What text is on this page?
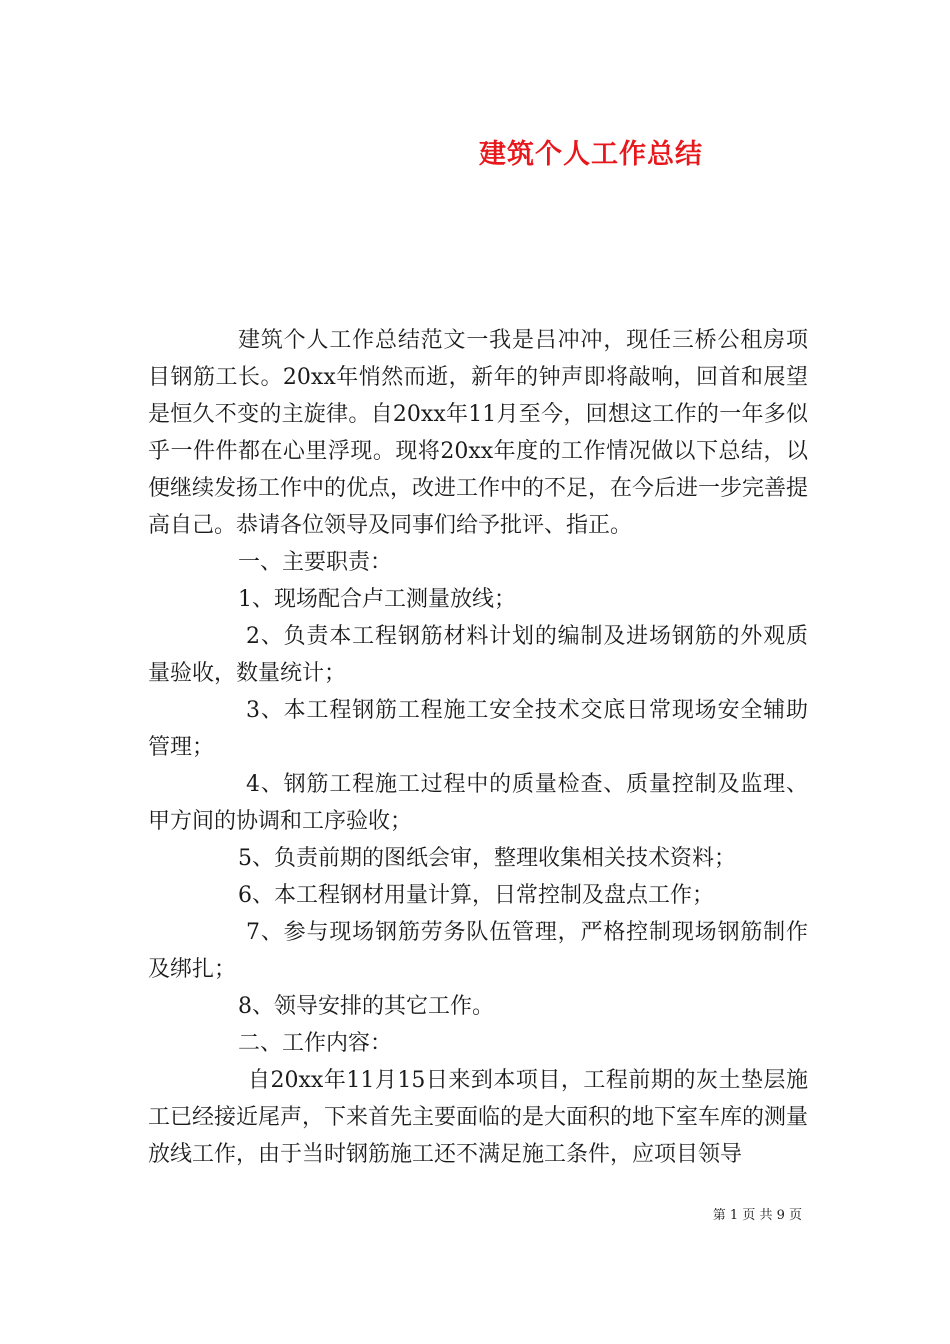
建筑个人工作总结

建筑个人工作总结范文一我是吕冲冲，现任三桥公租房项目钢筋工长。20xx年悄然而逝，新年的钟声即将敲响，回首和展望是恒久不变的主旋律。自20xx年11月至今，回想这工作的一年多似乎一件件都在心里浮现。现将20xx年度的工作情况做以下总结，以便继续发扬工作中的优点，改进工作中的不足，在今后进一步完善提高自己。恭请各位领导及同事们给予批评、指正。

一、主要职责：

1、现场配合卢工测量放线；

2、负责本工程钢筋材料计划的编制及进场钢筋的外观质量验收，数量统计；

3、本工程钢筋工程施工安全技术交底日常现场安全辅助管理；

4、钢筋工程施工过程中的质量检查、质量控制及监理、甲方间的协调和工序验收；

5、负责前期的图纸会审，整理收集相关技术资料；

6、本工程钢材用量计算，日常控制及盘点工作；

7、参与现场钢筋劳务队伍管理，严格控制现场钢筋制作及绑扎；

8、领导安排的其它工作。

二、工作内容：

自20xx年11月15日来到本项目，工程前期的灰土垫层施工已经接近尾声，下来首先主要面临的是大面积的地下室车库的测量放线工作，由于当时钢筋施工还不满足施工条件，应项目领导

第 1 页 共 9 页
